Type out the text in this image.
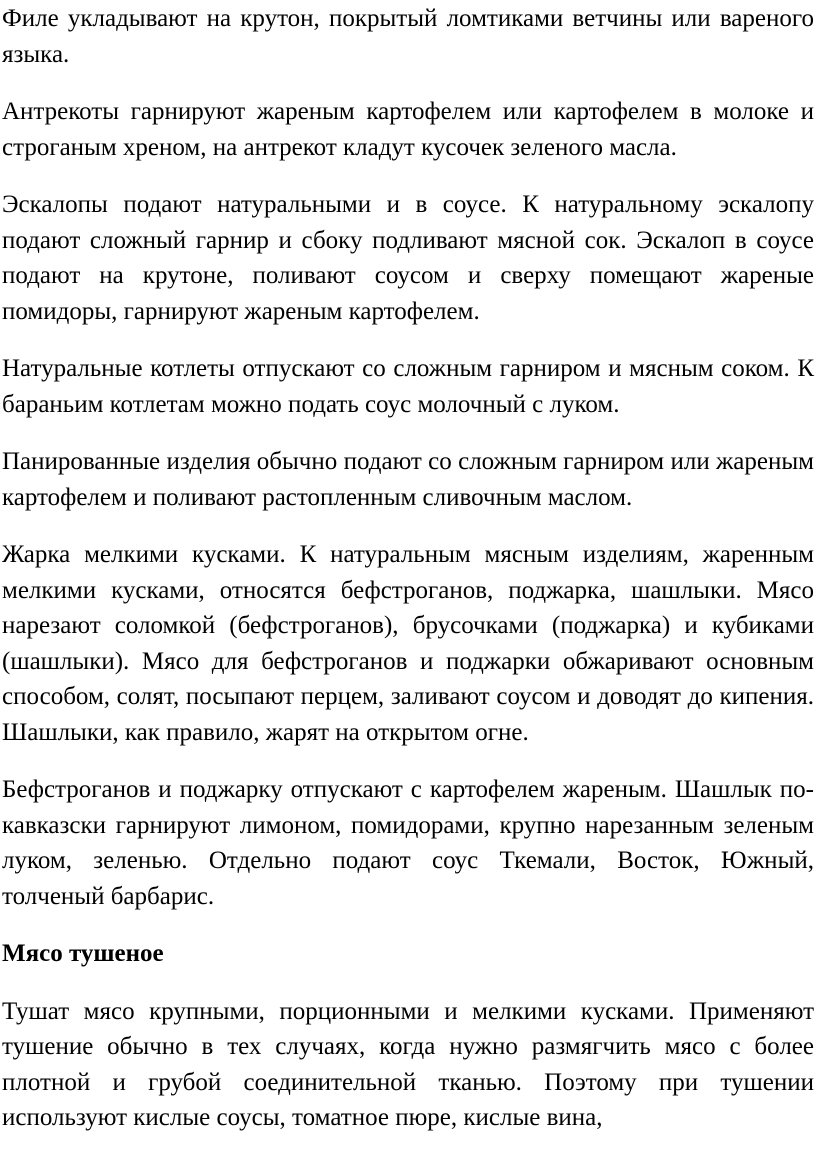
Филе укладывают на крутон, покрытый ломтиками ветчины или вареного языка.

Антрекоты гарнируют жареным картофелем или картофелем в молоке и строганым хреном, на антрекот кладут кусочек зеленого масла.

Эскалопы подают натуральными и в соусе. К натуральному эскалопу подают сложный гарнир и сбоку подливают мясной сок. Эскалоп в соусе подают на крутоне, поливают соусом и сверху помещают жареные помидоры, гарнируют жареным картофелем.

Натуральные котлеты отпускают со сложным гарниром и мясным соком. К бараньим котлетам можно подать соус молочный с луком.

Панированные изделия обычно подают со сложным гарниром или жареным картофелем и поливают растопленным сливочным маслом.

Жарка мелкими кусками. К натуральным мясным изделиям, жаренным мелкими кусками, относятся бефстроганов, поджарка, шашлыки. Мясо нарезают соломкой (бефстроганов), брусочками (поджарка) и кубиками (шашлыки). Мясо для бефстроганов и поджарки обжаривают основным способом, солят, посыпают перцем, заливают соусом и доводят до кипения. Шашлыки, как правило, жарят на открытом огне.

Бефстроганов и поджарку отпускают с картофелем жареным. Шашлык по-кавказски гарнируют лимоном, помидорами, крупно нарезанным зеленым луком, зеленью. Отдельно подают соус Ткемали, Восток, Южный, толченый барбарис.

Мясо тушеное

Тушат мясо крупными, порционными и мелкими кусками. Применяют тушение обычно в тех случаях, когда нужно размягчить мясо с более плотной и грубой соединительной тканью. Поэтому при тушении используют кислые соусы, томатное пюре, кислые вина,
